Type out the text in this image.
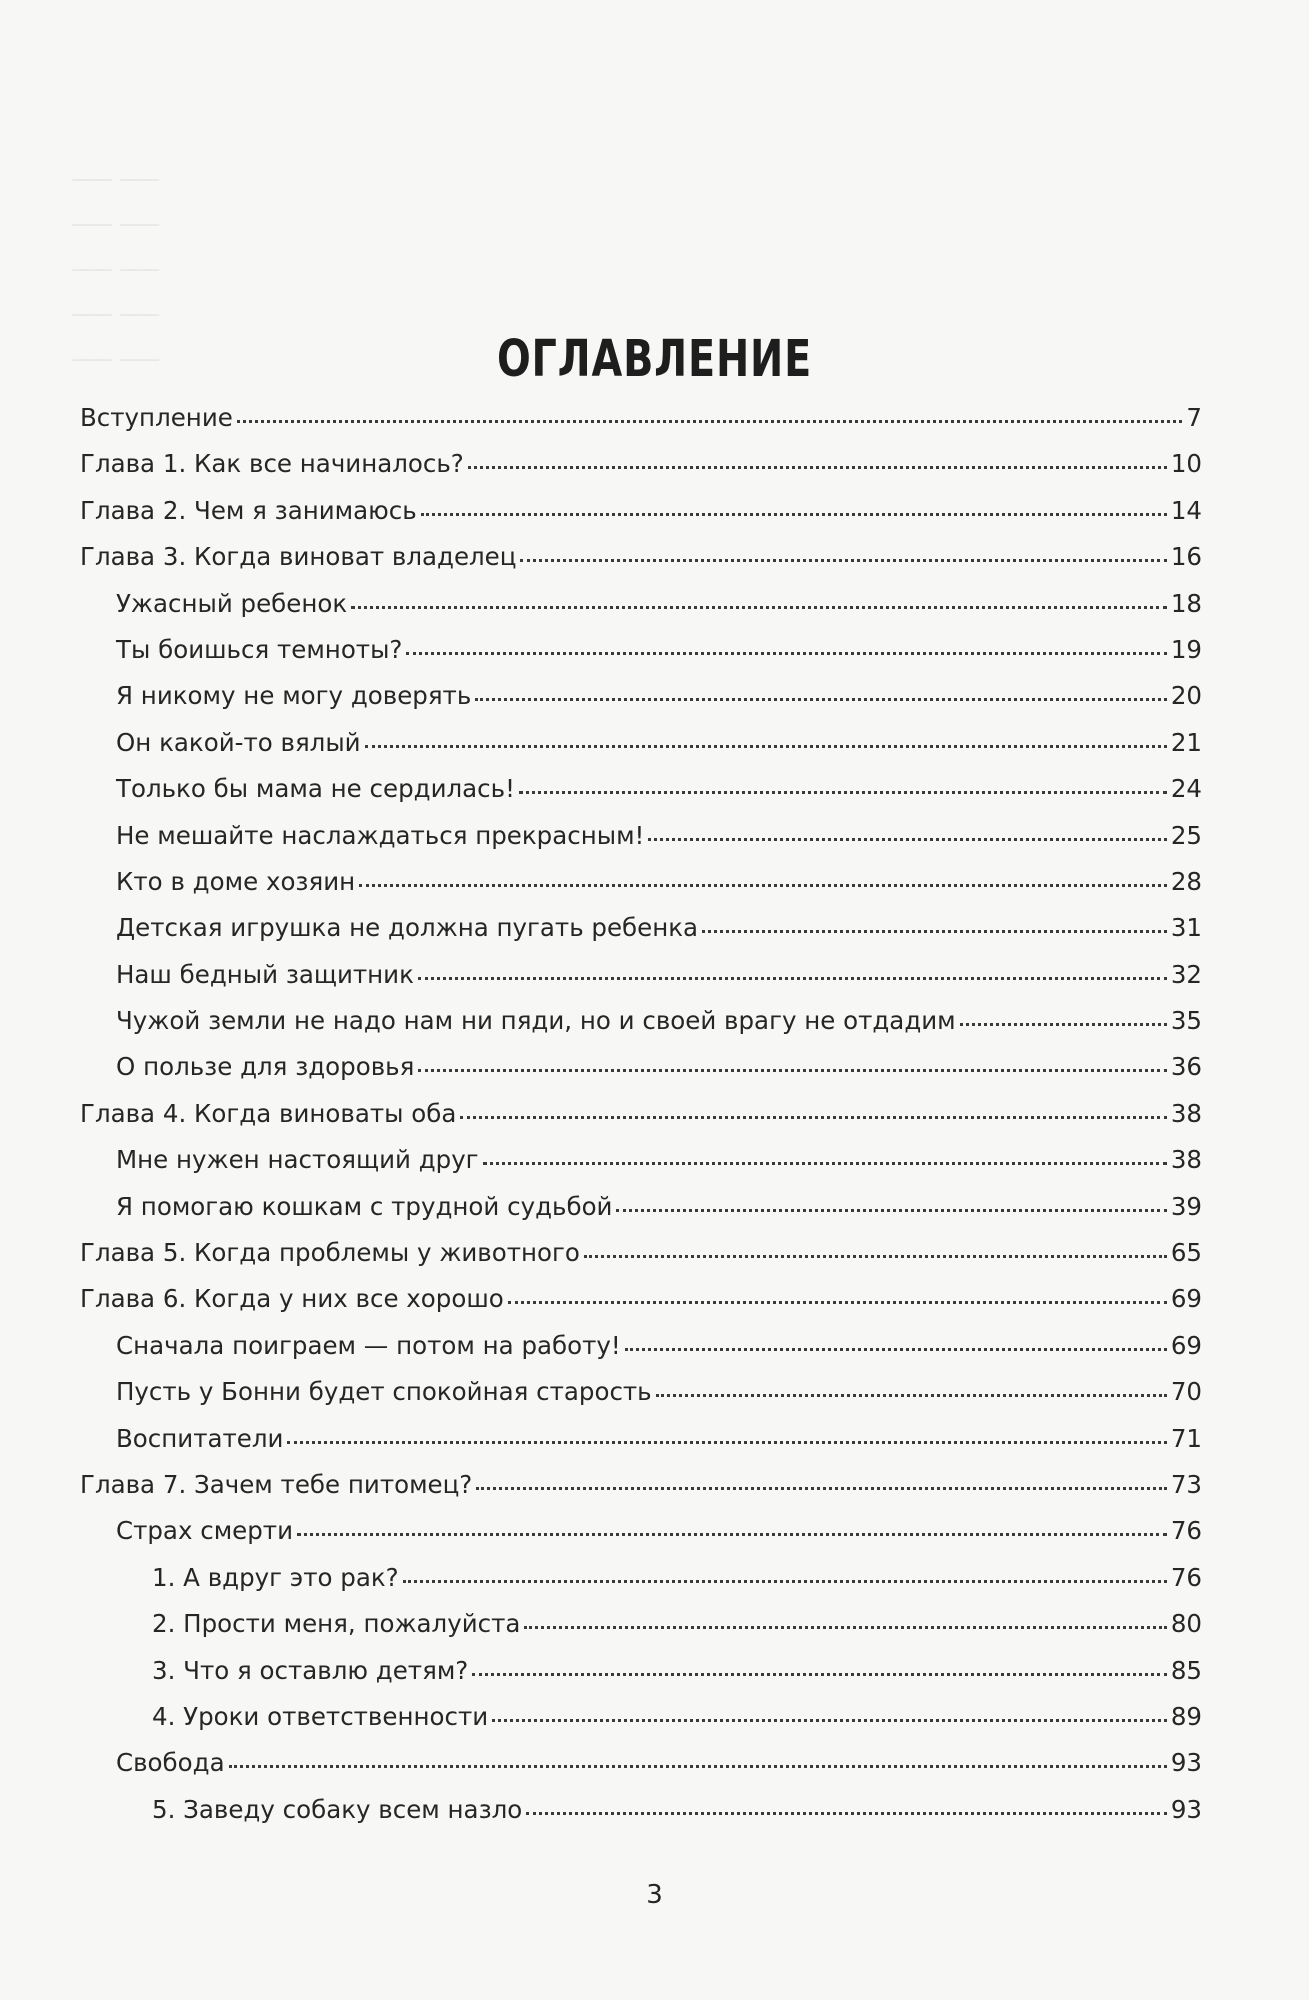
___ ___
___ ___
___ ___
___ ___
___ ___
	ОГЛАВЛЕНИЕ
Вступление	7
Глава 1. Как все начиналось?	10
Глава 2. Чем я занимаюсь	14
Глава 3. Когда виноват владелец	16
Ужасный ребенок	18
Ты боишься темноты?	19
Я никому не могу доверять	20
Он какой-то вялый	21
Только бы мама не сердилась!	24
Не мешайте наслаждаться прекрасным!	25
Кто в доме хозяин	28
Детская игрушка не должна пугать ребенка	31
Наш бедный защитник	32
Чужой земли не надо нам ни пяди, но и своей врагу не отдадим	35
О пользе для здоровья	36
Глава 4. Когда виноваты оба	38
Мне нужен настоящий друг	38
Я помогаю кошкам с трудной судьбой	39
Глава 5. Когда проблемы у животного	65
Глава 6. Когда у них все хорошо	69
Сначала поиграем — потом на работу!	69
Пусть у Бонни будет спокойная старость	70
Воспитатели	71
Глава 7. Зачем тебе питомец?	73
Страх смерти	76
1. А вдруг это рак?	76
2. Прости меня, пожалуйста	80
3. Что я оставлю детям?	85
4. Уроки ответственности	89
Свобода	93
5. Заведу собаку всем назло	93
3
